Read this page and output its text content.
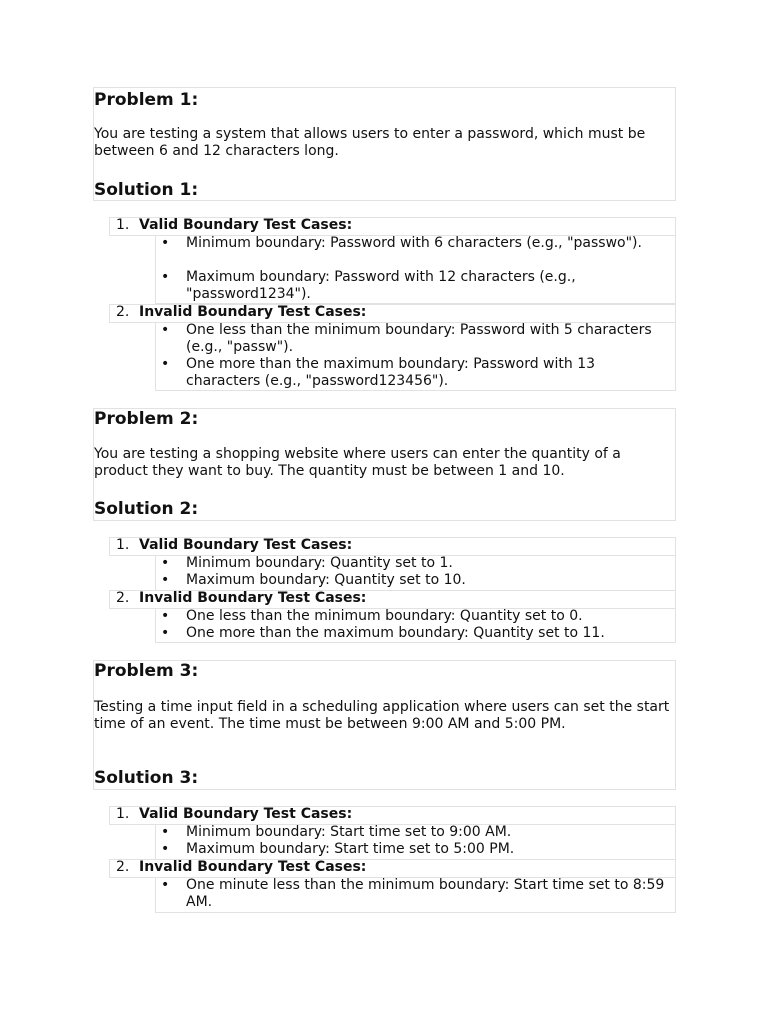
Problem 1:
You are testing a system that allows users to enter a password, which must be between 6 and 12 characters long.
Solution 1:
1. Valid Boundary Test Cases:
• Minimum boundary: Password with 6 characters (e.g., "passwo").
• Maximum boundary: Password with 12 characters (e.g., "password1234").
2. Invalid Boundary Test Cases:
• One less than the minimum boundary: Password with 5 characters (e.g., "passw").
• One more than the maximum boundary: Password with 13 characters (e.g., "password123456").
Problem 2:
You are testing a shopping website where users can enter the quantity of a product they want to buy. The quantity must be between 1 and 10.
Solution 2:
1. Valid Boundary Test Cases:
• Minimum boundary: Quantity set to 1.
• Maximum boundary: Quantity set to 10.
2. Invalid Boundary Test Cases:
• One less than the minimum boundary: Quantity set to 0.
• One more than the maximum boundary: Quantity set to 11.
Problem 3:
Testing a time input field in a scheduling application where users can set the start time of an event. The time must be between 9:00 AM and 5:00 PM.
Solution 3:
1. Valid Boundary Test Cases:
• Minimum boundary: Start time set to 9:00 AM.
• Maximum boundary: Start time set to 5:00 PM.
2. Invalid Boundary Test Cases:
• One minute less than the minimum boundary: Start time set to 8:59 AM.
